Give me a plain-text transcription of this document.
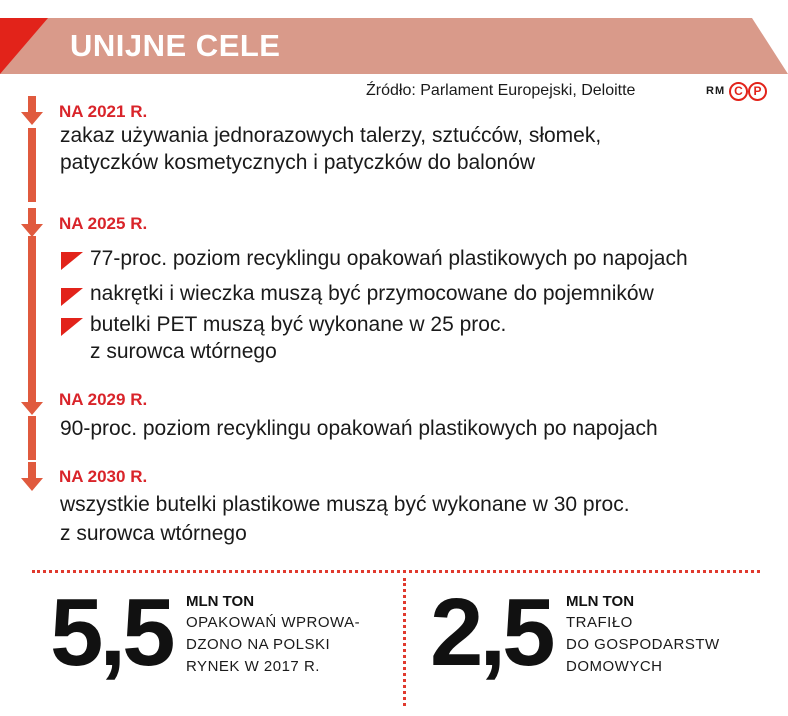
UNIJNE CELE
Źródło: Parlament Europejski, Deloitte	RM C P
NA 2021 R.
zakaz używania jednorazowych talerzy, sztućców, słomek,
patyczków kosmetycznych i patyczków do balonów
NA 2025 R.
77-proc. poziom recyklingu opakowań plastikowych po napojach
nakrętki i wieczka muszą być przymocowane do pojemników
butelki PET muszą być wykonane w 25 proc.
z surowca wtórnego
NA 2029 R.
90-proc. poziom recyklingu opakowań plastikowych po napojach
NA 2030 R.
wszystkie butelki plastikowe muszą być wykonane w 30 proc.
z surowca wtórnego
5,5 MLN TON
OPAKOWAŃ WPROWA-
DZONO NA POLSKI
RYNEK W 2017 R. 2,5 MLN TON
TRAFIŁO
DO GOSPODARSTW
DOMOWYCH
